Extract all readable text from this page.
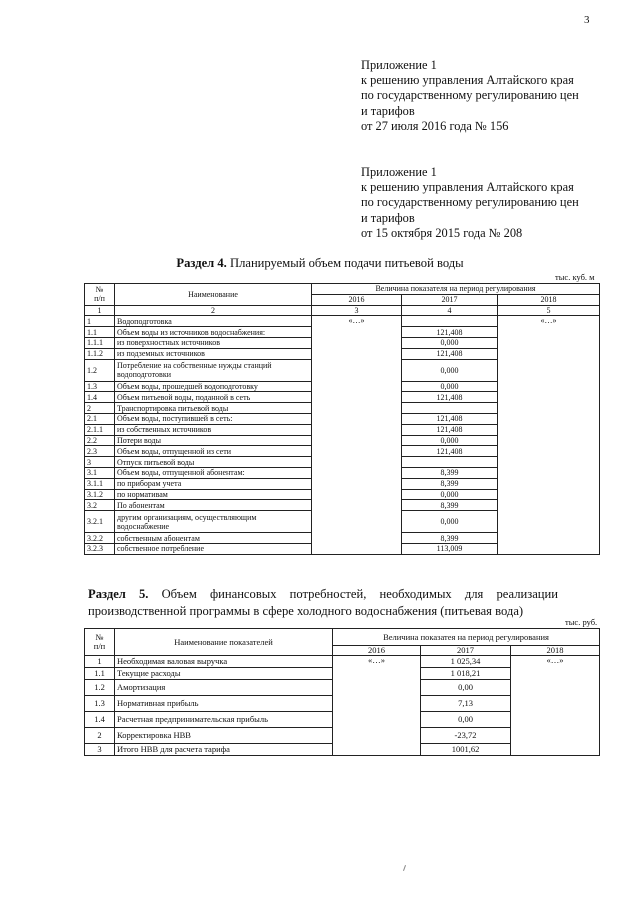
3
Приложение 1
к решению управления Алтайского края
по государственному регулированию цен
и тарифов
от 27 июля 2016 года № 156
Приложение 1
к решению управления Алтайского края
по государственному регулированию цен
и тарифов
от 15 октября 2015 года № 208
Раздел 4. Планируемый объем подачи питьевой воды
тыс. куб. м
№
п/п	Наименование	Величина показателя на период регулирования		
		2016	2017	2018
1	2	3	4	5
1	Водоподготовка	«…»		«…»
1.1	Объем воды из источников водоснабжения:		121,408	
1.1.1	из поверхностных источников		0,000	
1.1.2	из подземных источников		121,408	
1.2	Потребление на собственные нужды станций водоподготовки		0,000	
1.3	Объем воды, прошедшей водоподготовку		0,000	
1.4	Объем питьевой воды, поданной в сеть		121,408	
2	Транспортировка питьевой воды			
2.1	Объем воды, поступившей в сеть:		121,408	
2.1.1	из собственных источников		121,408	
2.2	Потери воды		0,000	
2.3	Объем воды, отпущенной из сети		121,408	
3	Отпуск питьевой воды			
3.1	Объем воды, отпущенной абонентам:		8,399	
3.1.1	по приборам учета		8,399	
3.1.2	по нормативам		0,000	
3.2	По абонентам		8,399	
3.2.1	другим организациям, осуществляющим водоснабжение		0,000	
3.2.2	собственным абонентам		8,399	
3.2.3	собственное потребление		113,009	
Раздел 5. Объем финансовых потребностей, необходимых для реализации производственной программы в сфере холодного водоснабжения (питьевая вода)
тыс. руб.
№
п/п	Наименование показателей	Величина показатея на период регулирования		
		2016	2017	2018
1	Необходимая валовая выручка	«…»	1 025,34	«…»
1.1	Текущие расходы		1 018,21	
1.2	Амортизация		0,00	
1.3	Нормативная прибыль		7,13	
1.4	Расчетная предпринимательская прибыль		0,00	
2	Корректировка НВВ		-23,72	
3	Итого НВВ для расчета тарифа		1001,62	
